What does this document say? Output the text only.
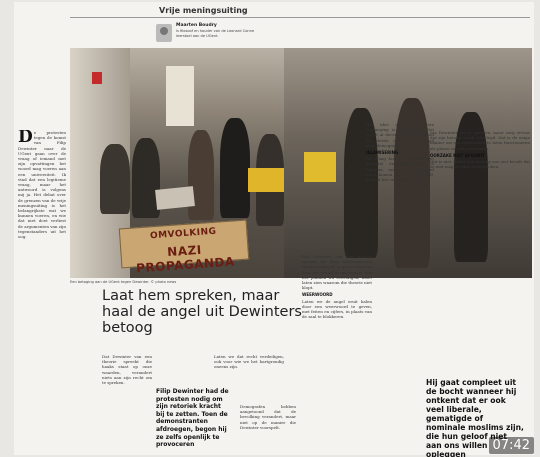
Vrije meningsuiting
Maarten Boudry
is filosoof en houder van de Leonard Conne leerstoel aan de UGent.

De protesten tegen de komst van Filip Dewinter naar de UGent gaan over de vraag of iemand met zijn opvattingen het woord mag voeren aan een universiteit. Ik vind dat een legitieme vraag, maar het antwoord is volgens mij ja. Het debat over de grenzen van de vrije meningsuiting is het belangrijkste wat we kunnen voeren, en wie dat niet doet verliest de argumenten van zijn tegenstanders uit het oog.	OMVOLKING
NAZI PROPAGANDA
Een betoging aan de UGent tegen Dewinter. © photo news
Laat hem spreken, maar haal de angel uit Dewinters betoog

Dat Dewinter van een theorie spreekt die door extreemrechts wordt verspreid, is geen reden om hem het woord te ontzeggen. Wie het publiek wil overtuigen, moet laten zien waarom die theorie niet klopt.

WEERWOORD

Laten we de angel eruit halen door een weerwoord te geven, met feiten en cijfers, in plaats van de zaal te blokkeren.

Het idee van een grote vervanging is niet nieuw. Het wordt al decennia rondgestrooid en steeds opnieuw weerlegd door demografen.

ISLAMISERING

De vraag hoe we omgaan met migratie en islamisering is legitiem, maar het antwoord moet komen uit het debat zelf, niet uit het verbieden ervan.

Sta Dewinter toe te spreken, maar zorg ervoor dat zijn betoog wordt weerlegd. Dat is de enige manier om een universiteit te laten functioneren als plaats van vrij onderzoek.

OORZAKE NIET AFGONIT

Het is niet omdat een mening ons niet bevalt dat ze niet mag worden uitgesproken.

Dat Dewinter van een theorie spreekt die haaks staat op onze waarden, verandert niets aan zijn recht om te spreken.

Laten we dat recht verdedigen, ook voor wie we het hartgrondig oneens zijn.

Demografen hebben aangetoond dat de bevolking verandert, maar niet op de manier die Dewinter voorspelt.

Filip Dewinter had de protesten nodig om zijn retoriek kracht bij te zetten. Toen de demonstranten afdroegen, begon hij ze zelfs openlijk te provoceren
Hij gaat compleet uit de bocht wanneer hij ontkent dat er ook veel liberale, gematigde of nominale moslims zijn, die hun geloof niet aan ons willen opleggen
07:42
